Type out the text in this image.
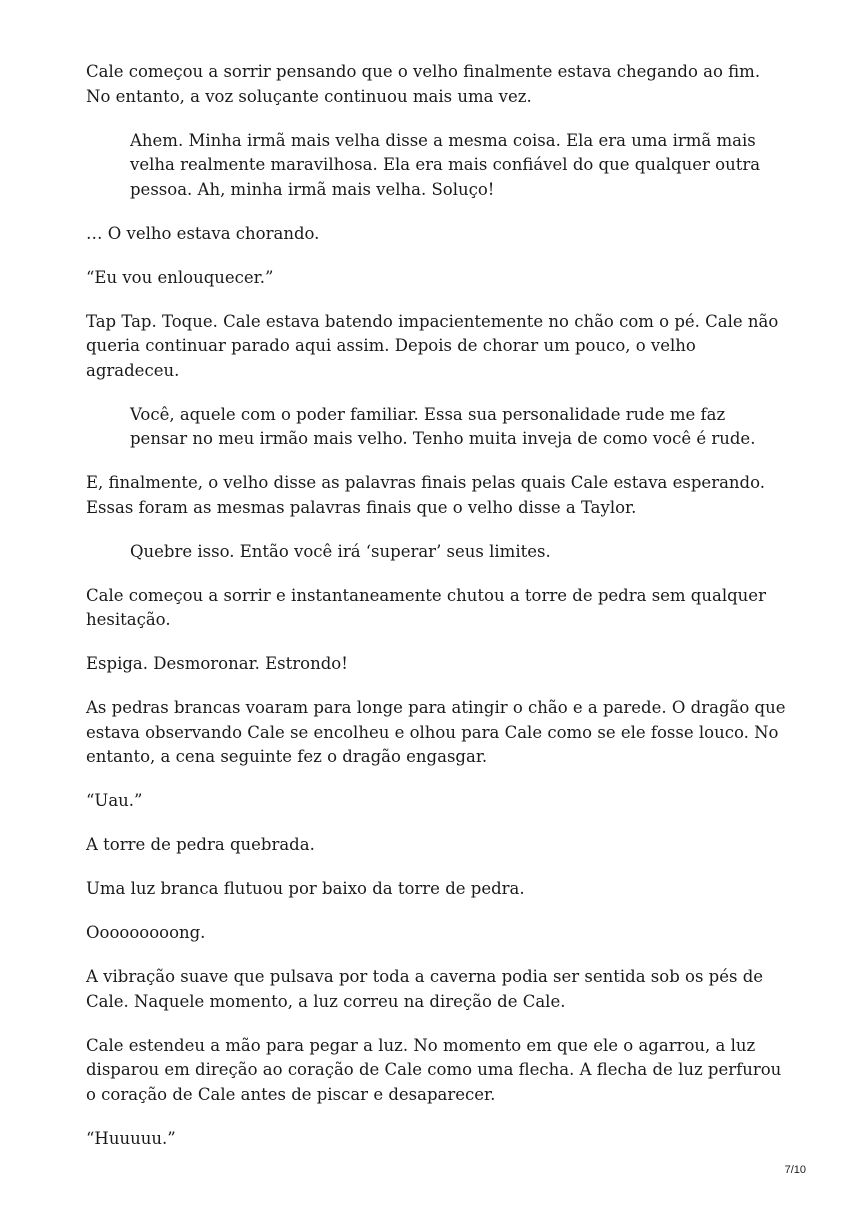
Cale começou a sorrir pensando que o velho finalmente estava chegando ao fim. No entanto, a voz soluçante continuou mais uma vez.

Ahem. Minha irmã mais velha disse a mesma coisa. Ela era uma irmã mais velha realmente maravilhosa. Ela era mais confiável do que qualquer outra pessoa. Ah, minha irmã mais velha. Soluço!

… O velho estava chorando.

“Eu vou enlouquecer.”

Tap Tap. Toque. Cale estava batendo impacientemente no chão com o pé. Cale não queria continuar parado aqui assim. Depois de chorar um pouco, o velho agradeceu.

Você, aquele com o poder familiar. Essa sua personalidade rude me faz pensar no meu irmão mais velho. Tenho muita inveja de como você é rude.

E, finalmente, o velho disse as palavras finais pelas quais Cale estava esperando. Essas foram as mesmas palavras finais que o velho disse a Taylor.

Quebre isso. Então você irá ‘superar’ seus limites.

Cale começou a sorrir e instantaneamente chutou a torre de pedra sem qualquer hesitação.

Espiga. Desmoronar. Estrondo!

As pedras brancas voaram para longe para atingir o chão e a parede. O dragão que estava observando Cale se encolheu e olhou para Cale como se ele fosse louco. No entanto, a cena seguinte fez o dragão engasgar.

“Uau.”

A torre de pedra quebrada.

Uma luz branca flutuou por baixo da torre de pedra.

Ooooooooong.

A vibração suave que pulsava por toda a caverna podia ser sentida sob os pés de Cale. Naquele momento, a luz correu na direção de Cale.

Cale estendeu a mão para pegar a luz. No momento em que ele o agarrou, a luz disparou em direção ao coração de Cale como uma flecha. A flecha de luz perfurou o coração de Cale antes de piscar e desaparecer.

“Huuuuu.”

7/10
